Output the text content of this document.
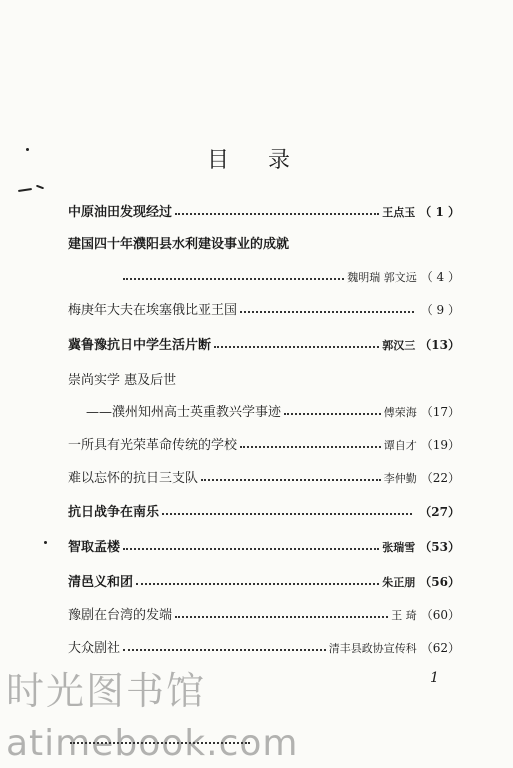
目 录
中原油田发现经过	王点玉 （ 1 ）
建国四十年濮阳县水利建设事业的成就
魏明瑞 郭文远 （ 4 ）
梅庚年大夫在埃塞俄比亚王国	（ 9 ）
冀鲁豫抗日中学生活片断	郭汉三 （13）
崇尚实学 惠及后世
——濮州知州高士英重教兴学事迹	傅荣海 （17）
一所具有光荣革命传统的学校	谭自才 （19）
难以忘怀的抗日三支队	李仲勤 （22）
抗日战争在南乐	（27）
智取孟楼	张瑞雪 （53）
清邑义和团	朱正朋 （56）
豫剧在台湾的发端	王 琦 （60）
大众剧社	清丰县政协宣传科 （62）
1
时光图书馆
atimebook.com
